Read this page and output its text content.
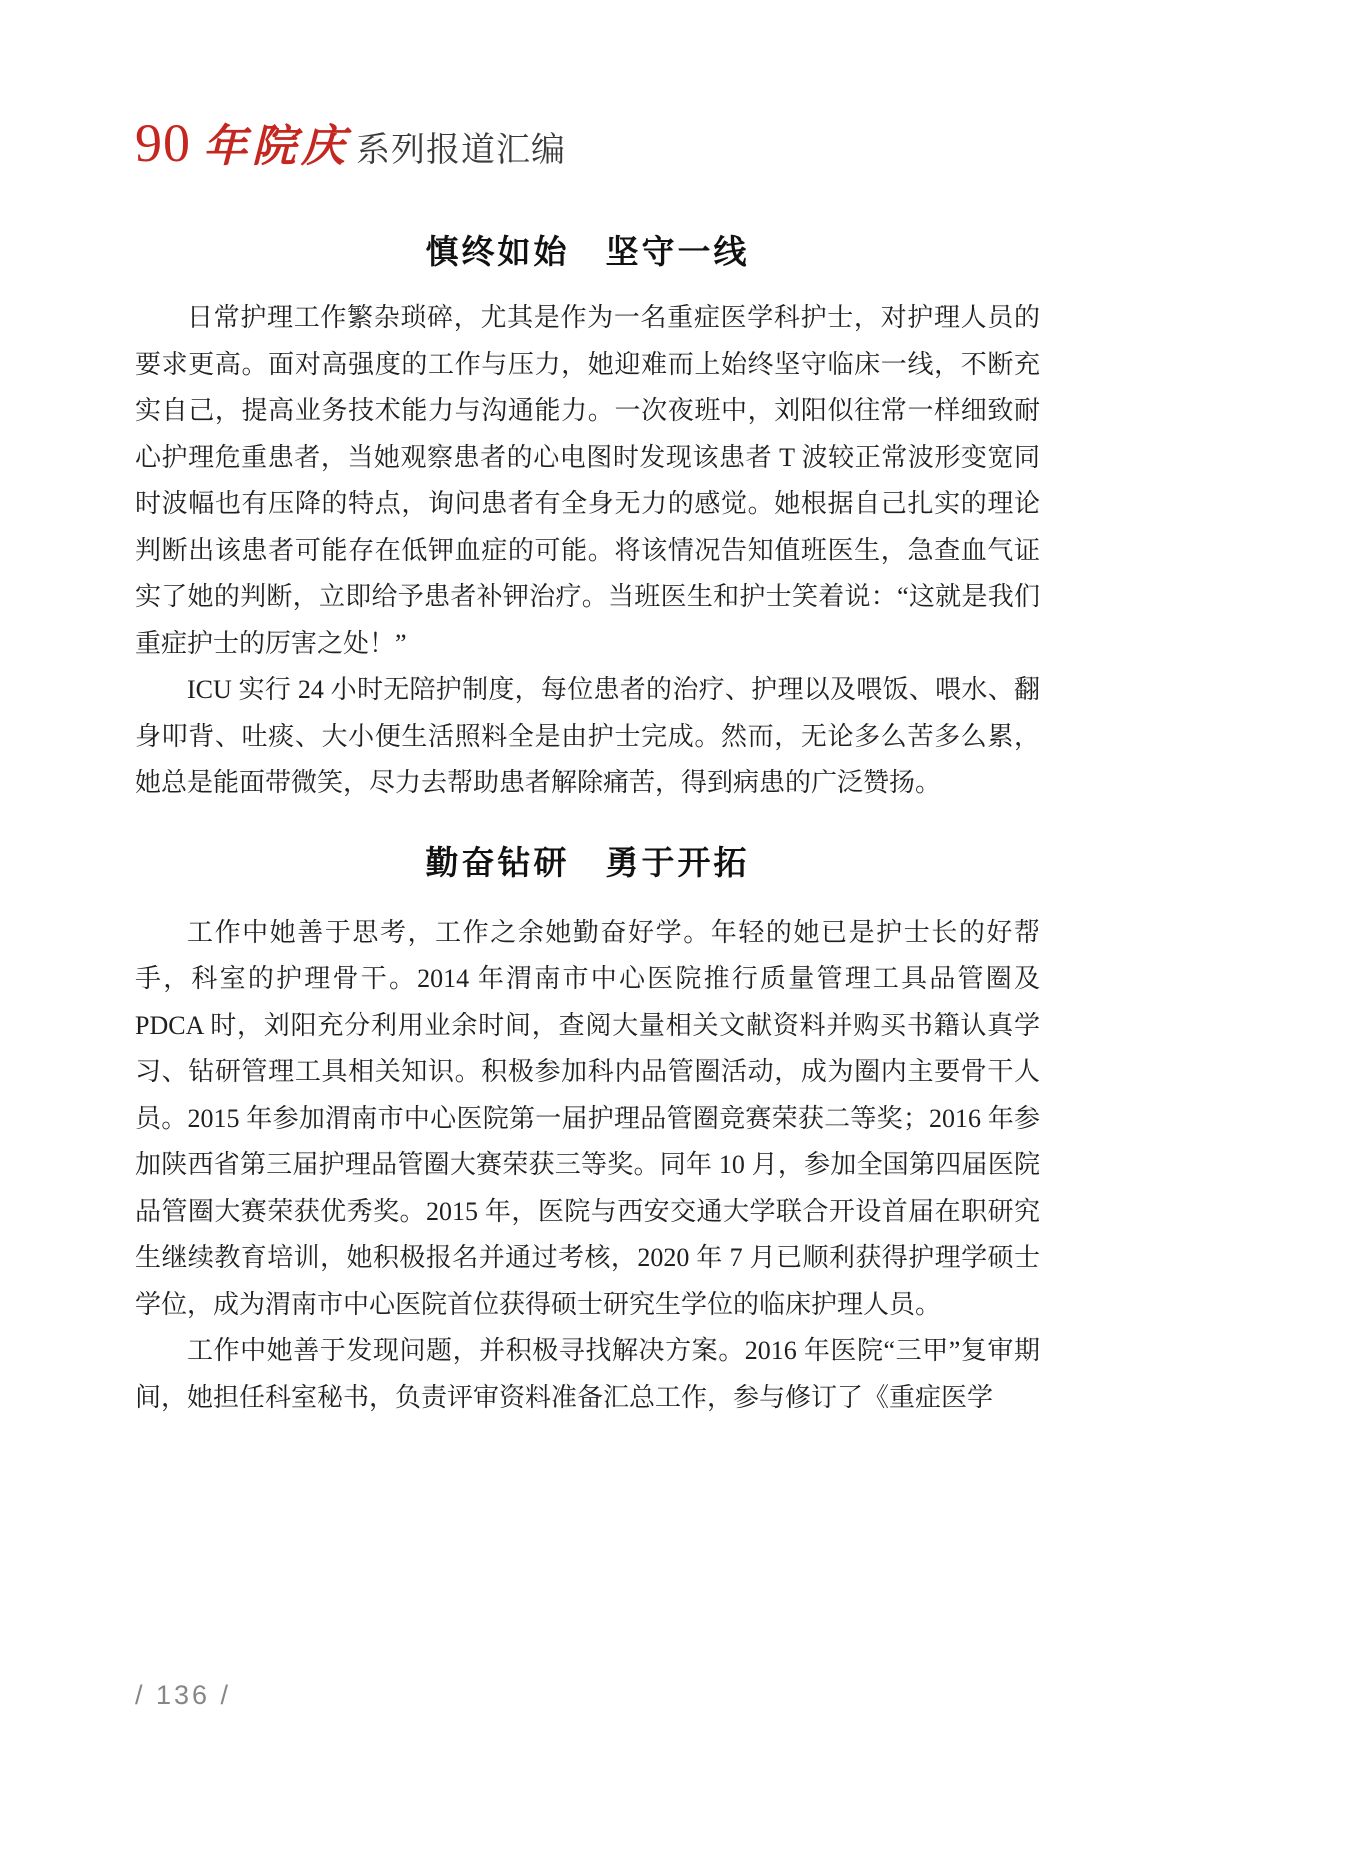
90 年院庆 系列报道汇编
慎终如始　坚守一线

日常护理工作繁杂琐碎，尤其是作为一名重症医学科护士，对护理人员的要求更高。面对高强度的工作与压力，她迎难而上始终坚守临床一线，不断充实自己，提高业务技术能力与沟通能力。一次夜班中，刘阳似往常一样细致耐心护理危重患者，当她观察患者的心电图时发现该患者 T 波较正常波形变宽同时波幅也有压降的特点，询问患者有全身无力的感觉。她根据自己扎实的理论判断出该患者可能存在低钾血症的可能。将该情况告知值班医生，急查血气证实了她的判断，立即给予患者补钾治疗。当班医生和护士笑着说：“这就是我们重症护士的厉害之处！”

ICU 实行 24 小时无陪护制度，每位患者的治疗、护理以及喂饭、喂水、翻身叩背、吐痰、大小便生活照料全是由护士完成。然而，无论多么苦多么累，她总是能面带微笑，尽力去帮助患者解除痛苦，得到病患的广泛赞扬。

勤奋钻研　勇于开拓

工作中她善于思考，工作之余她勤奋好学。年轻的她已是护士长的好帮手，科室的护理骨干。2014 年渭南市中心医院推行质量管理工具品管圈及 PDCA 时，刘阳充分利用业余时间，查阅大量相关文献资料并购买书籍认真学习、钻研管理工具相关知识。积极参加科内品管圈活动，成为圈内主要骨干人员。2015 年参加渭南市中心医院第一届护理品管圈竞赛荣获二等奖；2016 年参加陕西省第三届护理品管圈大赛荣获三等奖。同年 10 月，参加全国第四届医院品管圈大赛荣获优秀奖。2015 年，医院与西安交通大学联合开设首届在职研究生继续教育培训，她积极报名并通过考核，2020 年 7 月已顺利获得护理学硕士学位，成为渭南市中心医院首位获得硕士研究生学位的临床护理人员。

工作中她善于发现问题，并积极寻找解决方案。2016 年医院“三甲”复审期间，她担任科室秘书，负责评审资料准备汇总工作，参与修订了《重症医学

/ 136 /
